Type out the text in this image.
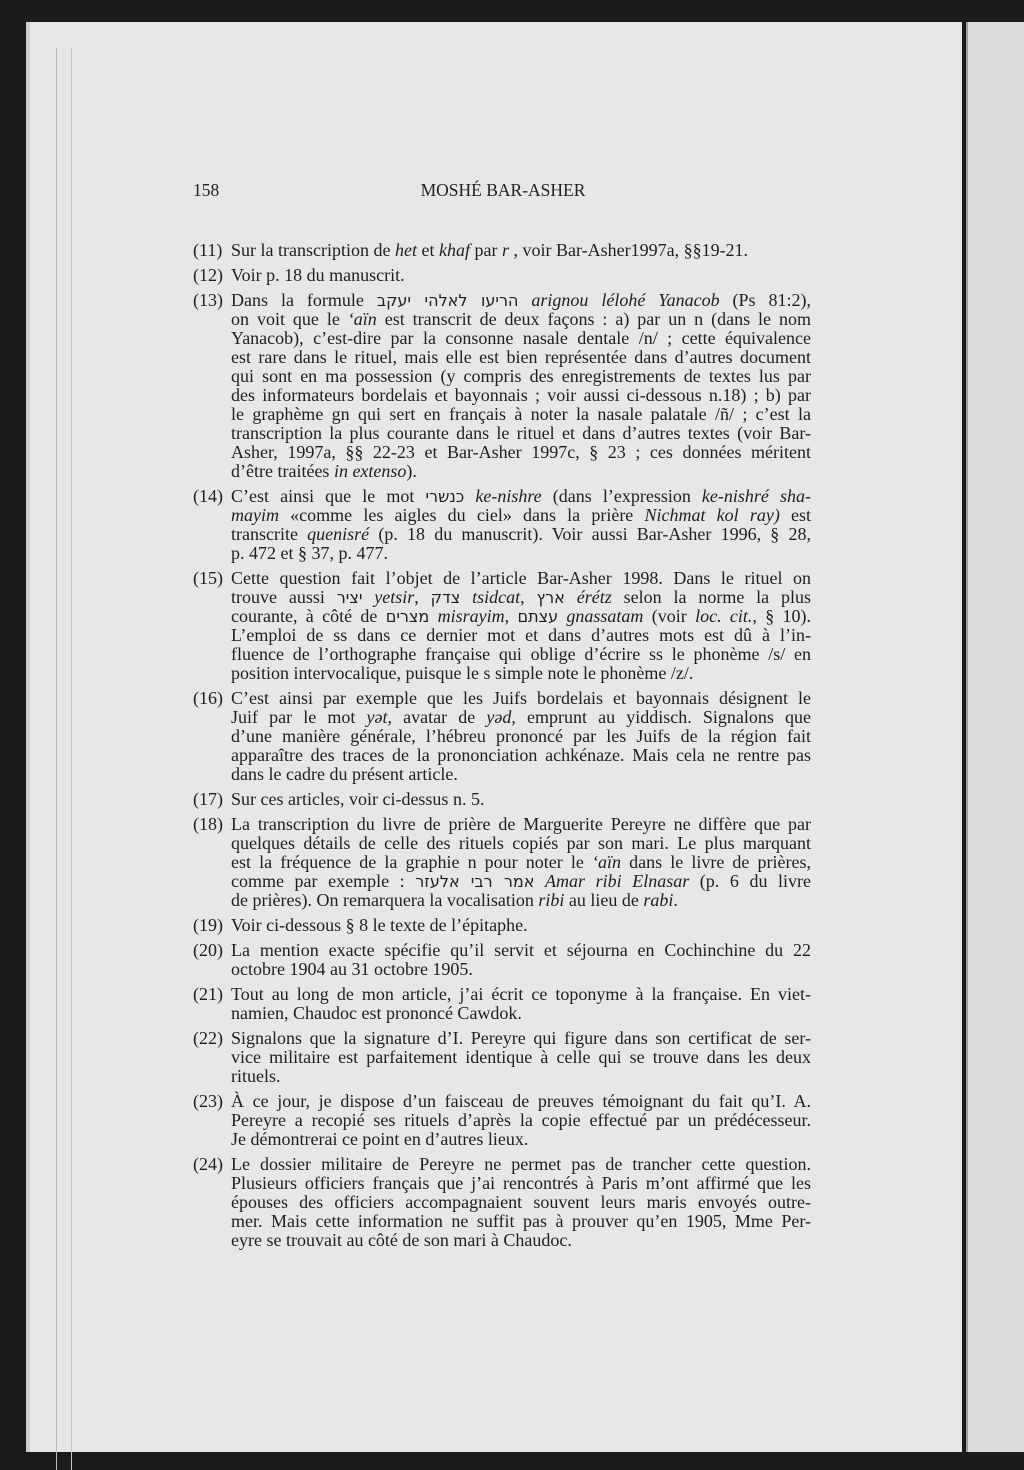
158	MOSHÉ BAR-ASHER
(11) Sur la transcription de het et khaf par r , voir Bar-Asher1997a, §§19-21.
(12) Voir p. 18 du manuscrit.
(13) Dans la formule הריעו לאלהי יעקב arignou lélohé Yanacob (Ps 81:2),
on voit que le ‘aïn est transcrit de deux façons : a) par un n (dans le nom
Yanacob), c’est-dire par la consonne nasale dentale /n/ ; cette équivalence
est rare dans le rituel, mais elle est bien représentée dans d’autres document
qui sont en ma possession (y compris des enregistrements de textes lus par
des informateurs bordelais et bayonnais ; voir aussi ci-dessous n.18) ; b) par
le graphème gn qui sert en français à noter la nasale palatale /ñ/ ; c’est la
transcription la plus courante dans le rituel et dans d’autres textes (voir Bar-
Asher, 1997a, §§ 22-23 et Bar-Asher 1997c, § 23 ; ces données méritent
d’être traitées in extenso).
(14) C’est ainsi que le mot כנשרי ke-nishre (dans l’expression ke-nishré sha-
mayim «comme les aigles du ciel» dans la prière Nichmat kol ray) est
transcrite quenisré (p. 18 du manuscrit). Voir aussi Bar-Asher 1996, § 28,
p. 472 et § 37, p. 477.
(15) Cette question fait l’objet de l’article Bar-Asher 1998. Dans le rituel on
trouve aussi יציר yetsir, צדק tsidcat, ארץ érétz selon la norme la plus
courante, à côté de מצרים misrayim, עצתם gnassatam (voir loc. cit., § 10).
L’emploi de ss dans ce dernier mot et dans d’autres mots est dû à l’in-
fluence de l’orthographe française qui oblige d’écrire ss le phonème /s/ en
position intervocalique, puisque le s simple note le phonème /z/.
(16) C’est ainsi par exemple que les Juifs bordelais et bayonnais désignent le
Juif par le mot yət, avatar de yəd, emprunt au yiddisch. Signalons que
d’une manière générale, l’hébreu prononcé par les Juifs de la région fait
apparaître des traces de la prononciation achkénaze. Mais cela ne rentre pas
dans le cadre du présent article.
(17) Sur ces articles, voir ci-dessus n. 5.
(18) La transcription du livre de prière de Marguerite Pereyre ne diffère que par
quelques détails de celle des rituels copiés par son mari. Le plus marquant
est la fréquence de la graphie n pour noter le ‘aïn dans le livre de prières,
comme par exemple : אמר רבי אלעזר Amar ribi Elnasar (p. 6 du livre
de prières). On remarquera la vocalisation ribi au lieu de rabi.
(19) Voir ci-dessous § 8 le texte de l’épitaphe.
(20) La mention exacte spécifie qu’il servit et séjourna en Cochinchine du 22
octobre 1904 au 31 octobre 1905.
(21) Tout au long de mon article, j’ai écrit ce toponyme à la française. En viet-
namien, Chaudoc est prononcé Cawdok.
(22) Signalons que la signature d’I. Pereyre qui figure dans son certificat de ser-
vice militaire est parfaitement identique à celle qui se trouve dans les deux
rituels.
(23) À ce jour, je dispose d’un faisceau de preuves témoignant du fait qu’I. A.
Pereyre a recopié ses rituels d’après la copie effectué par un prédécesseur.
Je démontrerai ce point en d’autres lieux.
(24) Le dossier militaire de Pereyre ne permet pas de trancher cette question.
Plusieurs officiers français que j’ai rencontrés à Paris m’ont affirmé que les
épouses des officiers accompagnaient souvent leurs maris envoyés outre-
mer. Mais cette information ne suffit pas à prouver qu’en 1905, Mme Per-
eyre se trouvait au côté de son mari à Chaudoc.
